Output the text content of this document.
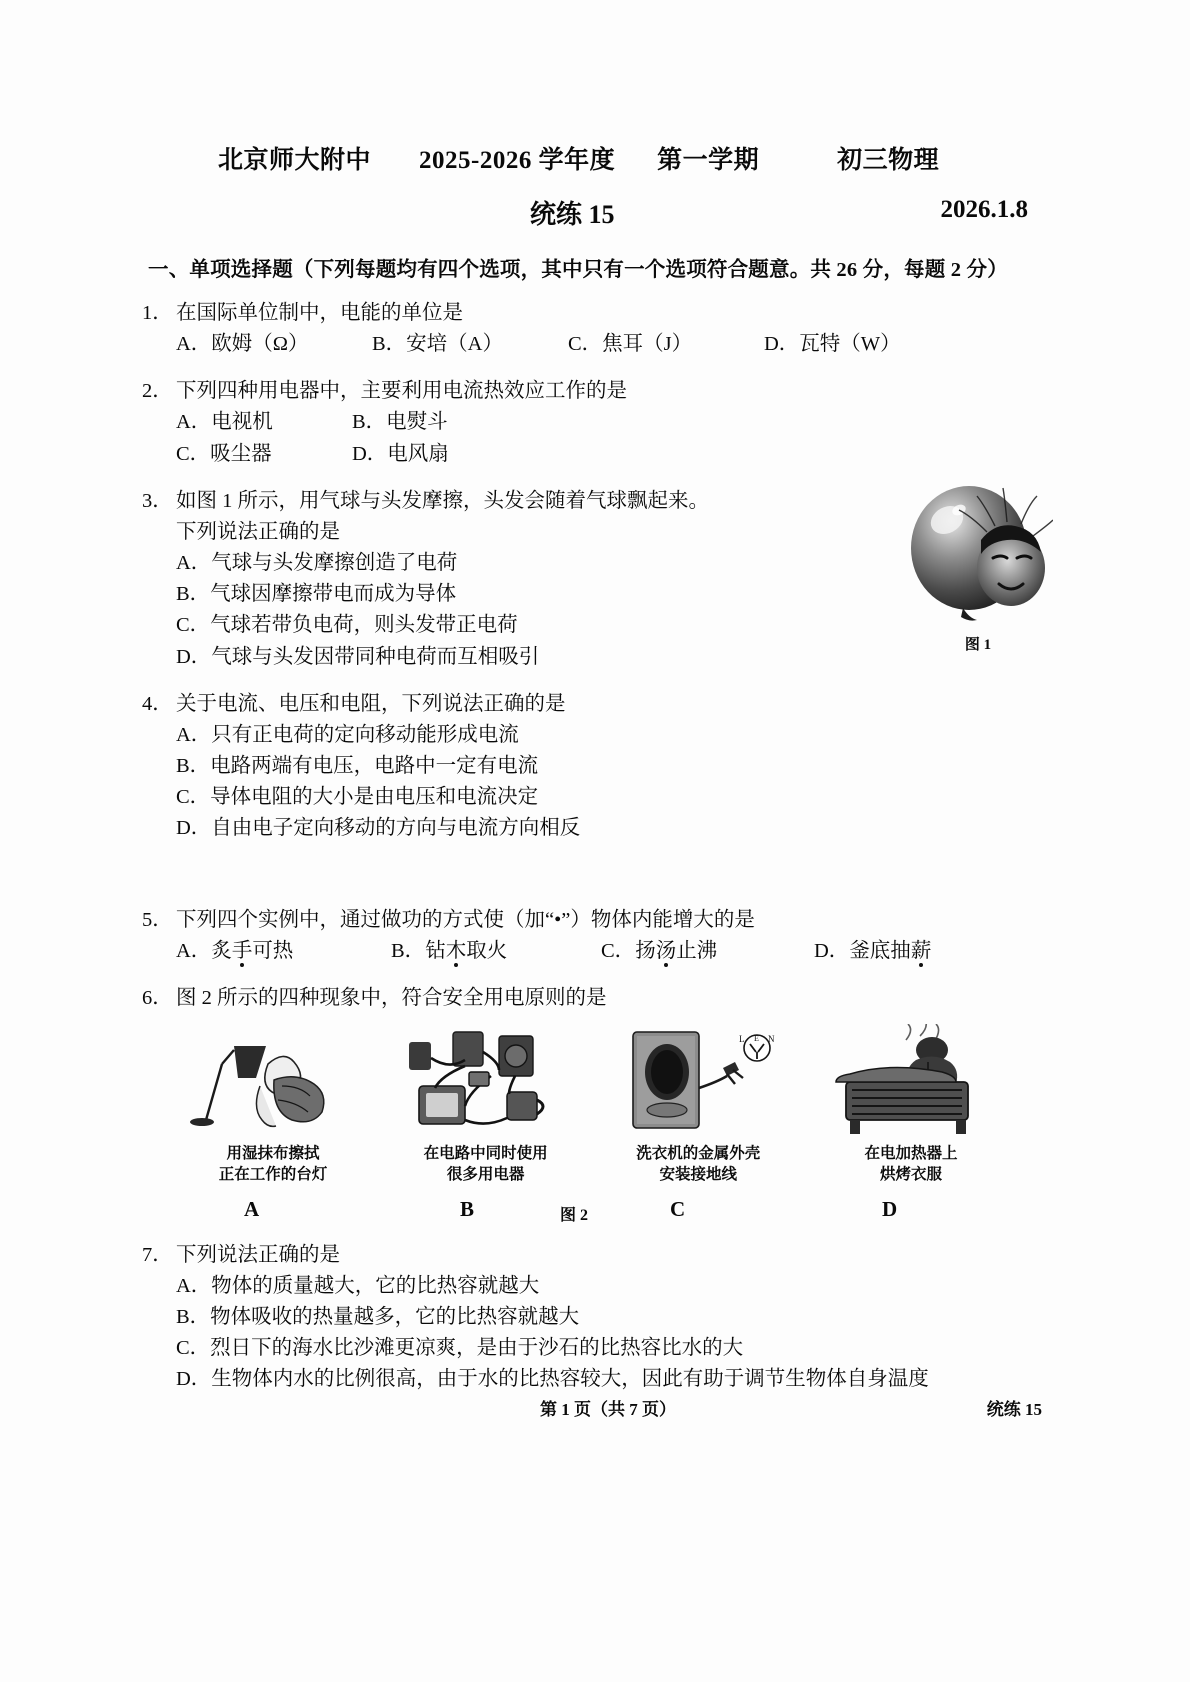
北京师大附中 2025-2026 学年度 第一学期	初三物理
统练 15	2026.1.8
一、单项选择题（下列每题均有四个选项，其中只有一个选项符合题意。共 26 分，每题 2 分）
1． 在国际单位制中，电能的单位是
A．欧姆（Ω）	B．安培（A）	C．焦耳（J）	D．瓦特（W）
2． 下列四种用电器中，主要利用电流热效应工作的是
A．电视机	B．电熨斗
C．吸尘器	D．电风扇
图 1
3． 如图 1 所示，用气球与头发摩擦，头发会随着气球飘起来。
下列说法正确的是
A．气球与头发摩擦创造了电荷
B．气球因摩擦带电而成为导体
C．气球若带负电荷，则头发带正电荷
D．气球与头发因带同种电荷而互相吸引
4． 关于电流、电压和电阻，下列说法正确的是
A．只有正电荷的定向移动能形成电流
B．电路两端有电压，电路中一定有电流
C．导体电阻的大小是由电压和电流决定
D．自由电子定向移动的方向与电流方向相反
5． 下列四个实例中，通过做功的方式使（加“•”）物体内能增大的是
A．炙手可热	B．钻木取火	C．扬汤止沸	D．釜底抽薪
6． 图 2 所示的四种现象中，符合安全用电原则的是
用湿抹布擦拭
正在工作的台灯
在电路中同时使用
很多用电器
L	N
E
洗衣机的金属外壳
安装接地线
在电加热器上
烘烤衣服
A	B	C	D
图 2
7． 下列说法正确的是
A．物体的质量越大，它的比热容就越大
B．物体吸收的热量越多，它的比热容就越大
C．烈日下的海水比沙滩更凉爽，是由于沙石的比热容比水的大
D．生物体内水的比例很高，由于水的比热容较大，因此有助于调节生物体自身温度
第 1 页（共 7 页）	统练 15
